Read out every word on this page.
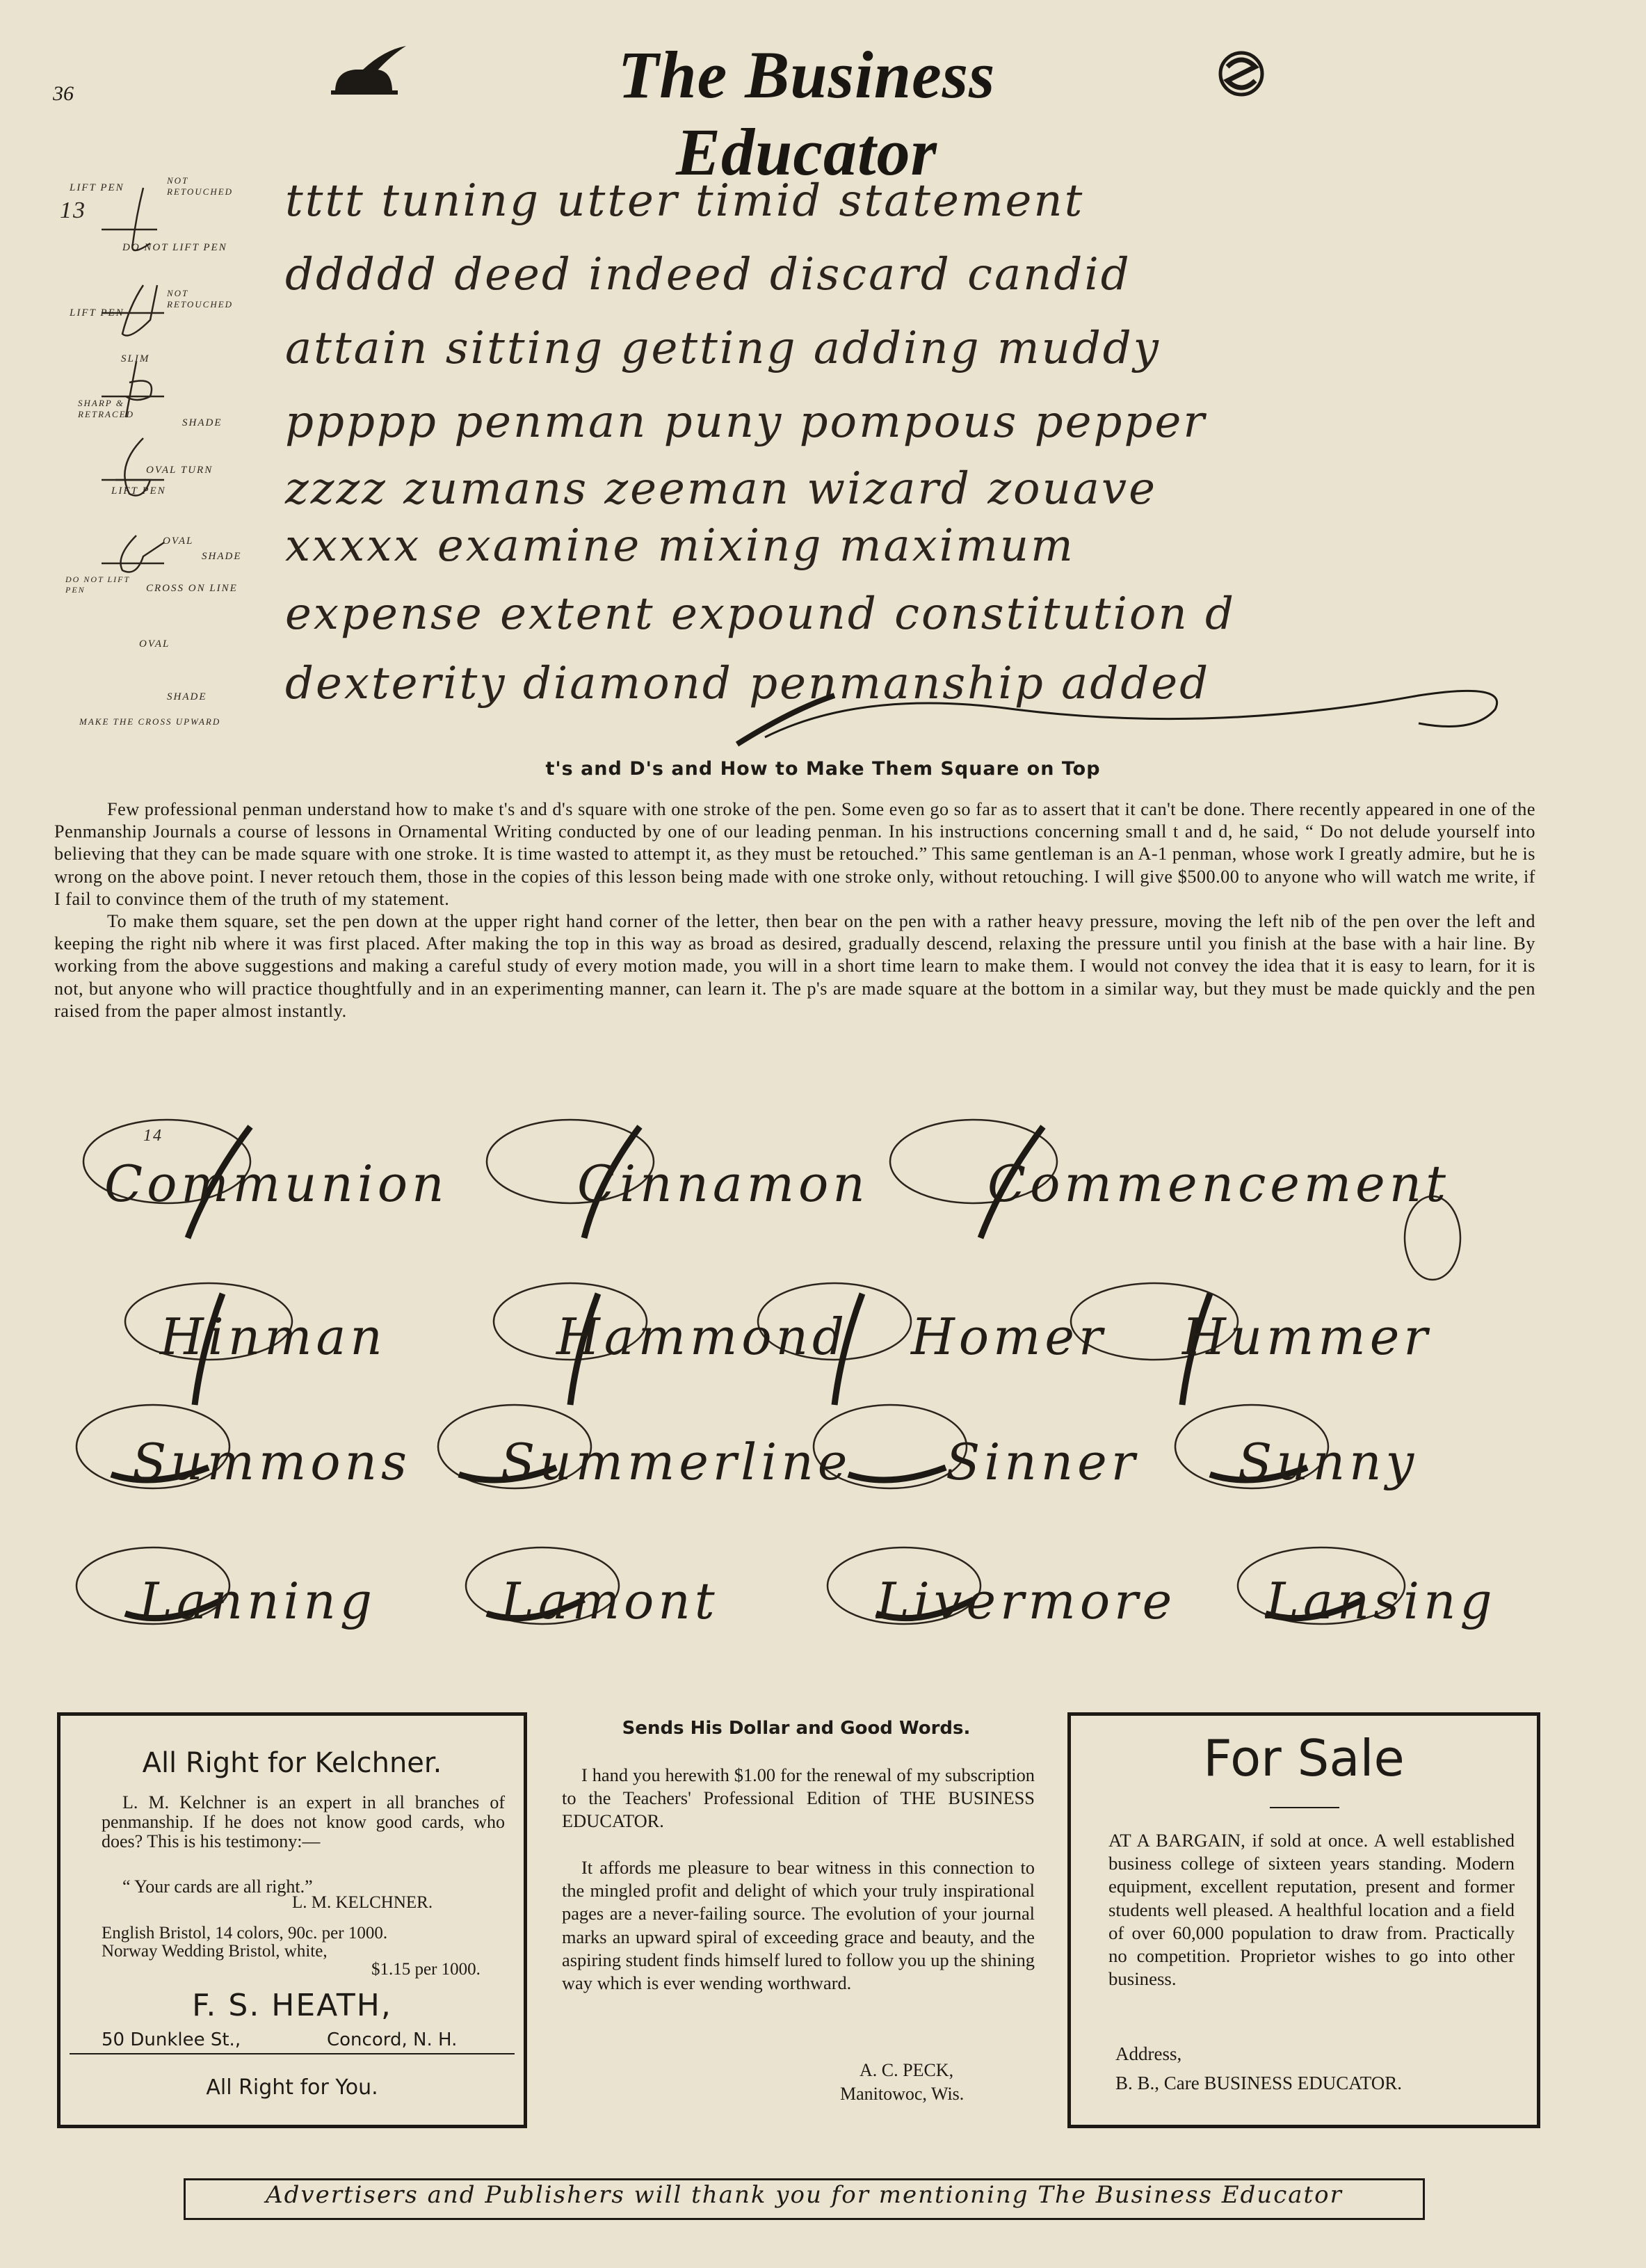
36	The Business Educator
13
LIFT PEN
NOT RETOUCHED
DO NOT LIFT PEN
LIFT PEN
NOT RETOUCHED
SLIM
SHARP & RETRACED
SHADE
OVAL TURN
LIFT PEN
OVAL
SHADE
DO NOT LIFT PEN	CROSS ON LINE
OVAL
SHADE
MAKE THE CROSS UPWARD
tttt tuning utter timid statement
ddddd deed indeed discard candid
attain sitting getting adding muddy
ppppp penman puny pompous pepper
zzzz zumans zeeman wizard zouave
xxxxx examine mixing maximum
expense extent expound constitution d
dexterity diamond penmanship added
t's and D's and How to Make Them Square on Top

Few professional penman understand how to make t's and d's square with one stroke of the pen. Some even go so far as to assert that it can't be done. There recently appeared in one of the Penmanship Journals a course of lessons in Ornamental Writing conducted by one of our leading penman. In his instructions concerning small t and d, he said, “ Do not delude yourself into believing that they can be made square with one stroke. It is time wasted to attempt it, as they must be retouched.” This same gentleman is an A-1 penman, whose work I greatly admire, but he is wrong on the above point. I never retouch them, those in the copies of this lesson being made with one stroke only, without retouching. I will give $500.00 to anyone who will watch me write, if I fail to convince them of the truth of my statement.

To make them square, set the pen down at the upper right hand corner of the letter, then bear on the pen with a rather heavy pressure, moving the left nib of the pen over the left and keeping the right nib where it was first placed. After making the top in this way as broad as desired, gradually descend, relaxing the pressure until you finish at the base with a hair line. By working from the above suggestions and making a careful study of every motion made, you will in a short time learn to make them. I would not convey the idea that it is easy to learn, for it is not, but anyone who will practice thoughtfully and in an experimenting manner, can learn it. The p's are made square at the bottom in a similar way, but they must be made quickly and the pen raised from the paper almost instantly.

14
Communion	Cinnamon Commencement
Hinman	Hammond Homer Hummer
Summons Summerline Sinner Sunny
Lanning Lamont	Livermore Lansing
All Right for Kelchner.
L. M. Kelchner is an expert in all branches of penmanship. If he does not know good cards, who does? This is his testimony:—
“ Your cards are all right.”
L. M. KELCHNER.
English Bristol, 14 colors, 90c. per 1000.
Norway Wedding Bristol, white,
$1.15 per 1000.
F. S. HEATH,
50 Dunklee St.,	Concord, N. H.
All Right for You.
Sends His Dollar and Good Words.
I hand you herewith $1.00 for the renewal of my subscription to the Teachers' Professional Edition of THE BUSINESS EDUCATOR.
It affords me pleasure to bear witness in this connection to the mingled profit and delight of which your truly inspirational pages are a never-failing source. The evolution of your journal marks an upward spiral of exceeding grace and beauty, and the aspiring student finds himself lured to follow you up the shining way which is ever wending worthward.
A. C. PECK,
Manitowoc, Wis.
For Sale
AT A BARGAIN, if sold at once. A well established business college of sixteen years standing. Modern equipment, excellent reputation, present and former students well pleased. A healthful location and a field of over 60,000 population to draw from. Practically no competition. Proprietor wishes to go into other business.
Address,
B. B., Care BUSINESS EDUCATOR.
Advertisers and Publishers will thank you for mentioning The Business Educator
